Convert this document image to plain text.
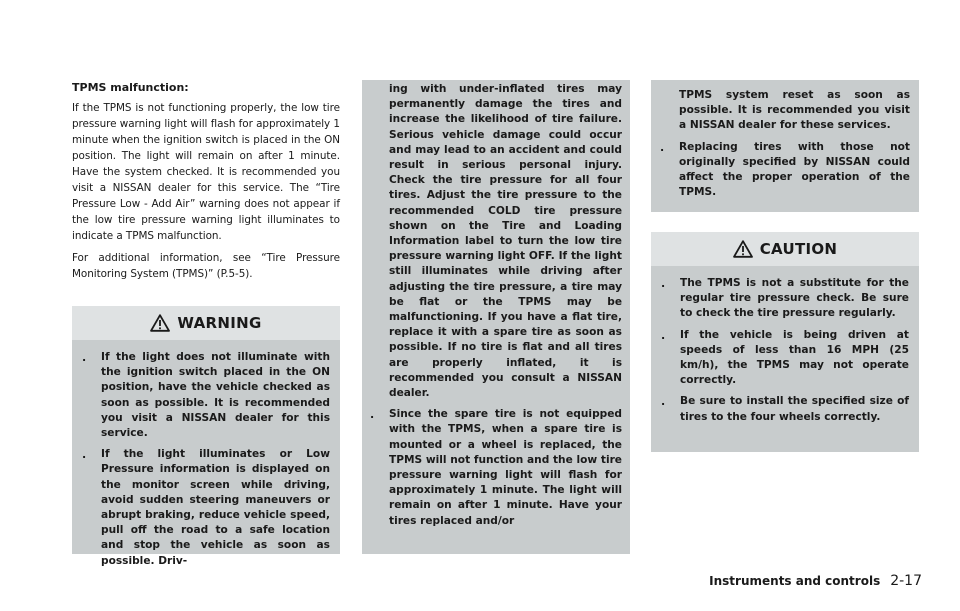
TPMS malfunction:

If the TPMS is not functioning properly, the low tire pressure warning light will flash for approximately 1 minute when the ignition switch is placed in the ON position. The light will remain on after 1 minute. Have the system checked. It is recommended you visit a NISSAN dealer for this service. The “Tire Pressure Low - Add Air” warning does not appear if the low tire pressure warning light illuminates to indicate a TPMS malfunction.

For additional information, see “Tire Pressure Monitoring System (TPMS)” (P.5-5).

WARNING
.	If the light does not illuminate with the ignition switch placed in the ON position, have the vehicle checked as soon as possible. It is recommended you visit a NISSAN dealer for this service.
.	If the light illuminates or Low Pressure information is displayed on the monitor screen while driving, avoid sudden steering maneuvers or abrupt braking, reduce vehicle speed, pull off the road to a safe location and stop the vehicle as soon as possible. Driv-
ing with under-inflated tires may permanently damage the tires and increase the likelihood of tire failure. Serious vehicle damage could occur and may lead to an accident and could result in serious personal injury. Check the tire pressure for all four tires. Adjust the tire pressure to the recommended COLD tire pressure shown on the Tire and Loading Information label to turn the low tire pressure warning light OFF. If the light still illuminates while driving after adjusting the tire pressure, a tire may be flat or the TPMS may be malfunctioning. If you have a flat tire, replace it with a spare tire as soon as possible. If no tire is flat and all tires are properly inflated, it is recommended you consult a NISSAN dealer.
.	Since the spare tire is not equipped with the TPMS, when a spare tire is mounted or a wheel is replaced, the TPMS will not function and the low tire pressure warning light will flash for approximately 1 minute. The light will remain on after 1 minute. Have your tires replaced and/or
TPMS system reset as soon as possible. It is recommended you visit a NISSAN dealer for these services.
.	Replacing tires with those not originally specified by NISSAN could affect the proper operation of the TPMS.
CAUTION
.	The TPMS is not a substitute for the regular tire pressure check. Be sure to check the tire pressure regularly.
.	If the vehicle is being driven at speeds of less than 16 MPH (25 km/h), the TPMS may not operate correctly.
.	Be sure to install the specified size of tires to the four wheels correctly.
Instruments and controls 2-17
